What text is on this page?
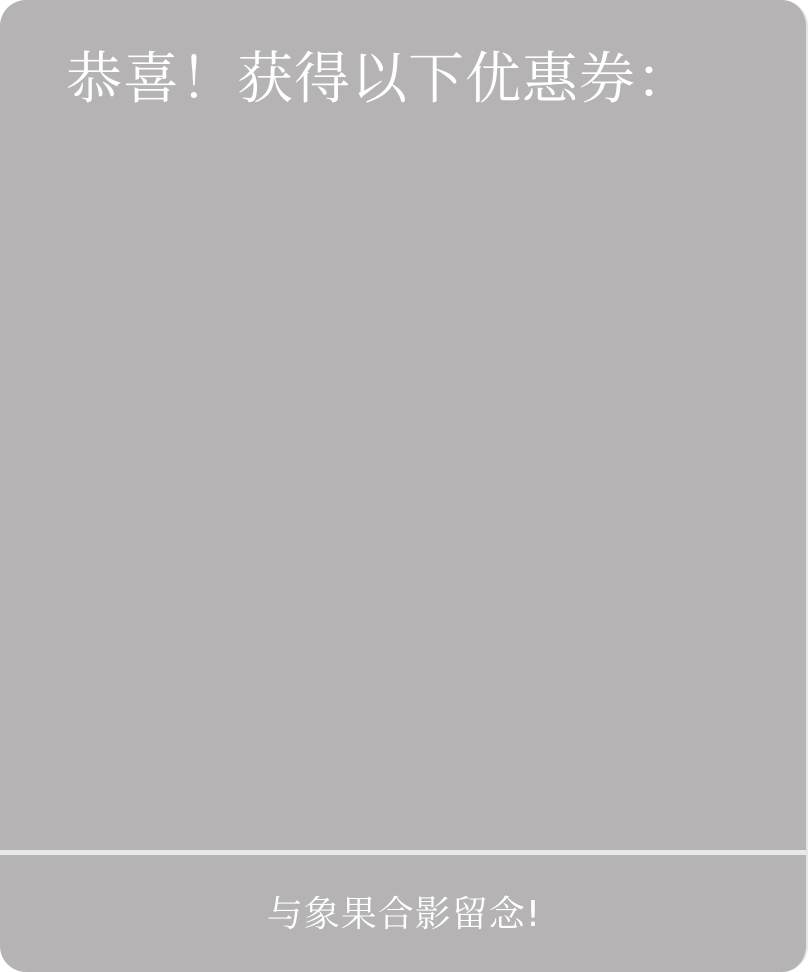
恭喜！获得以下优惠券：
与象果合影留念!
